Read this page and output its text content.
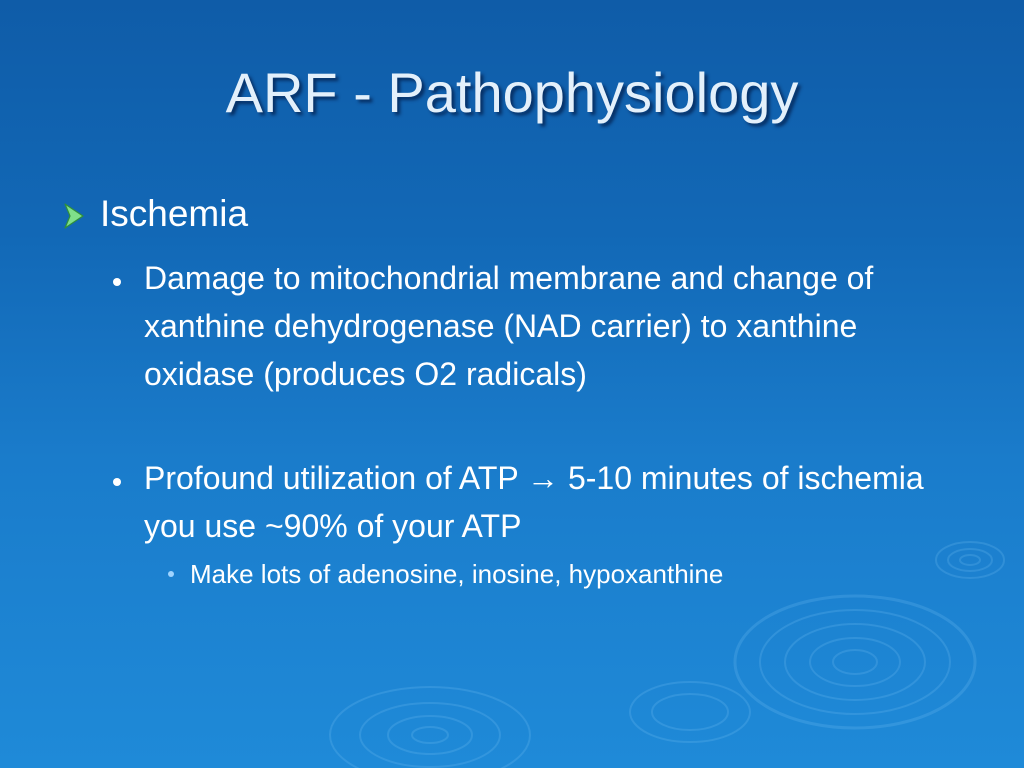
ARF - Pathophysiology
Ischemia
Damage to mitochondrial membrane and change of xanthine dehydrogenase (NAD carrier) to xanthine oxidase (produces O2 radicals)
Profound utilization of ATP → 5-10 minutes of ischemia you use ~90% of your ATP
Make lots of adenosine, inosine, hypoxanthine
